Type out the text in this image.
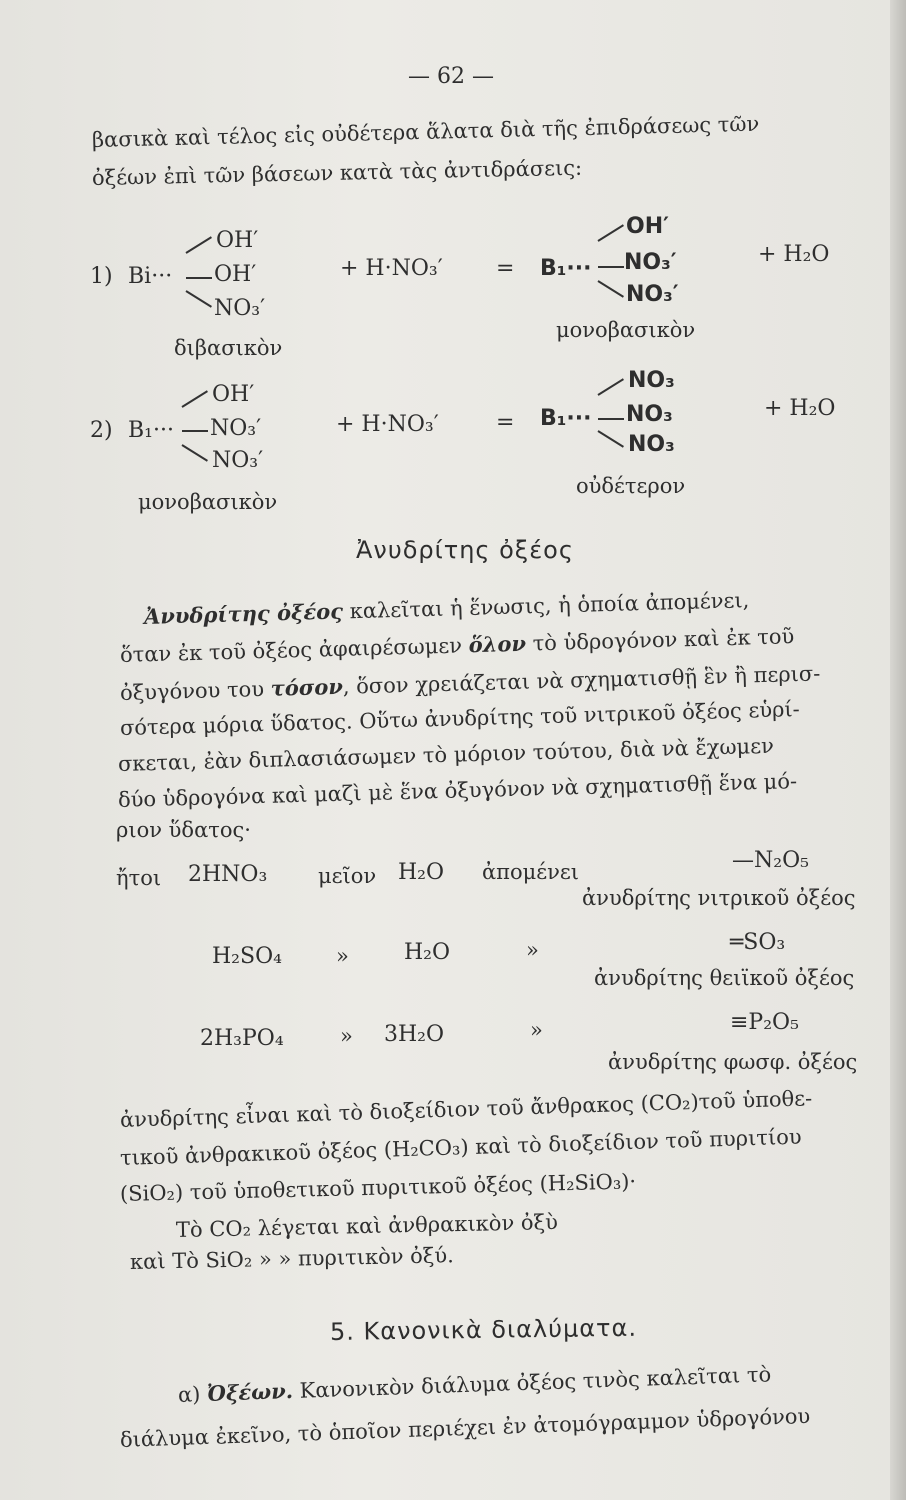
— 62 —
βασικὰ καὶ τέλος εἰς οὐδέτερα ἅλατα διὰ τῆς ἐπιδράσεως τῶν
ὀξέων ἐπὶ τῶν βάσεων κατὰ τὰς ἀντιδράσεις:
1) Bi···
OH′
OH′
NO₃′
+ H·NO₃′ = B₁···
OH′
NO₃′
NO₃′
+ H₂O
διβασικὸν
μονοβασικὸν
2) B₁···
OH′
NO₃′
NO₃′
+ H·NO₃′	= B₁···
NO₃
NO₃
NO₃
+ H₂O
μονοβασικὸν
οὐδέτερον
Ἀνυδρίτης ὀξέος
Ἀνυδρίτης ὀξέος καλεῖται ἡ ἕνωσις, ἡ ὁποία ἀπομένει,
ὅταν ἐκ τοῦ ὀξέος ἀφαιρέσωμεν ὅλον τὸ ὑδρογόνον καὶ ἐκ τοῦ
ὀξυγόνου του τόσον, ὅσον χρειάζεται νὰ σχηματισθῇ ἓν ἢ περισ-
σότερα μόρια ὕδατος. Οὕτω ἀνυδρίτης τοῦ νιτρικοῦ ὀξέος εὑρί-
σκεται, ἐὰν διπλασιάσωμεν τὸ μόριον τούτου, διὰ νὰ ἔχωμεν
δύο ὑδρογόνα καὶ μαζὶ μὲ ἕνα ὀξυγόνον νὰ σχηματισθῇ ἕνα μό-
ριον ὕδατος·
ἤτοι 2HNO₃ μεῖον H₂O ἀπομένει	—N₂O₅
ἀνυδρίτης νιτρικοῦ ὀξέος
H₂SO₄	»	H₂O	»	═SO₃
ἀνυδρίτης θειϊκοῦ ὀξέος
2H₃PO₄	» 3H₂O	»	≡P₂O₅
ἀνυδρίτης φωσφ. ὀξέος
ἀνυδρίτης εἶναι καὶ τὸ διοξείδιον τοῦ ἄνθρακος (CO₂)τοῦ ὑποθε-
τικοῦ ἀνθρακικοῦ ὀξέος (H₂CO₃) καὶ τὸ διοξείδιον τοῦ πυριτίου
(SiO₂) τοῦ ὑποθετικοῦ πυριτικοῦ ὀξέος (H₂SiO₃)·
Τὸ CO₂ λέγεται καὶ ἀνθρακικὸν ὀξὺ
καὶ Τὸ SiO₂ » » πυριτικὸν ὀξύ.
5. Κανονικὰ διαλύματα.
α) Ὀξέων. Κανονικὸν διάλυμα ὀξέος τινὸς καλεῖται τὸ
διάλυμα ἐκεῖνο, τὸ ὁποῖον περιέχει ἐν ἀτομόγραμμον ὑδρογόνου
